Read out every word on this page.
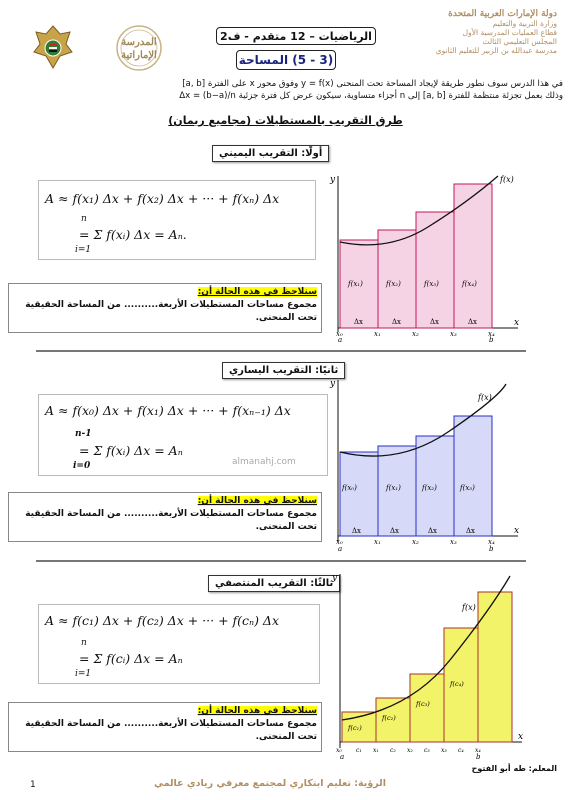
المدرسة
الإماراتية
دولة الإمارات العربية المتحدة
وزارة التربية والتعليم
قطاع العمليات المدرسية الأول
المجلس التعليمي الثالث
مدرسة عبدالله بن الزبير للتعليم الثانوي
الرياضيات – 12 متقدم - ف2
(3 - 5) المساحة
في هذا الدرس سوف نطور طريقة لإيجاد المساحة تحت المنحنى y = f(x) وفوق محور x على الفترة [a, b]
وذلك بعمل تجزئة منتظمة للفترة [a, b] إلى n أجزاء متساوية، سيكون عرض كل فترة جزئية Δx = (b−a)/n
طرق التقريب بالمستطيلات (مجاميع ريمان)
أولًا: التقريب اليميني
A ≈ f(x₁) Δx + f(x₂) Δx + ··· + f(xₙ) Δx
= Σ f(xᵢ) Δx = Aₙ.
n
i=1
سنلاحظ في هذه الحالة أن:
مجموع مساحات المستطيلات الأربعة.......... من المساحة الحقيقية تحت المنحنى.	x
y	f(x)
f(x₁)	f(x₂)	f(x₃)	f(x₄)
Δx	Δx	Δx	Δx
x₀	x₁	x₂	x₃	x₄
a	b
ثانيًا: التقريب اليساري
A ≈ f(x₀) Δx + f(x₁) Δx + ··· + f(xₙ₋₁) Δx
= Σ f(xᵢ) Δx = Aₙ
n-1
i=0	almanahj.com
سنلاحظ في هذه الحالة أن:
مجموع مساحات المستطيلات الأربعة.......... من المساحة الحقيقية تحت المنحنى.	x
y
f(x)
f(x₀)	f(x₁)	f(x₂)	f(x₃)
Δx	Δx	Δx	Δx
x₀	x₁	x₂	x₃	x₄
a	b
ثالثًا: التقريب المنتصفي
A ≈ f(c₁) Δx + f(c₂) Δx + ··· + f(cₙ) Δx
= Σ f(cᵢ) Δx = Aₙ
n
i=1
سنلاحظ في هذه الحالة أن:
مجموع مساحات المستطيلات الأربعة.......... من المساحة الحقيقية تحت المنحنى.	x
y
f(x)
f(c₁)
f(c₂)
f(c₃)
f(c₄)
x₀ c₁ x₁ c₂ x₂ c₃ x₃ c₄ x₄
a	b
المعلم: طه أبو الفتوح
الرؤية: تعليم ابتكاري لمجتمع معرفي ريادي عالمي
1
